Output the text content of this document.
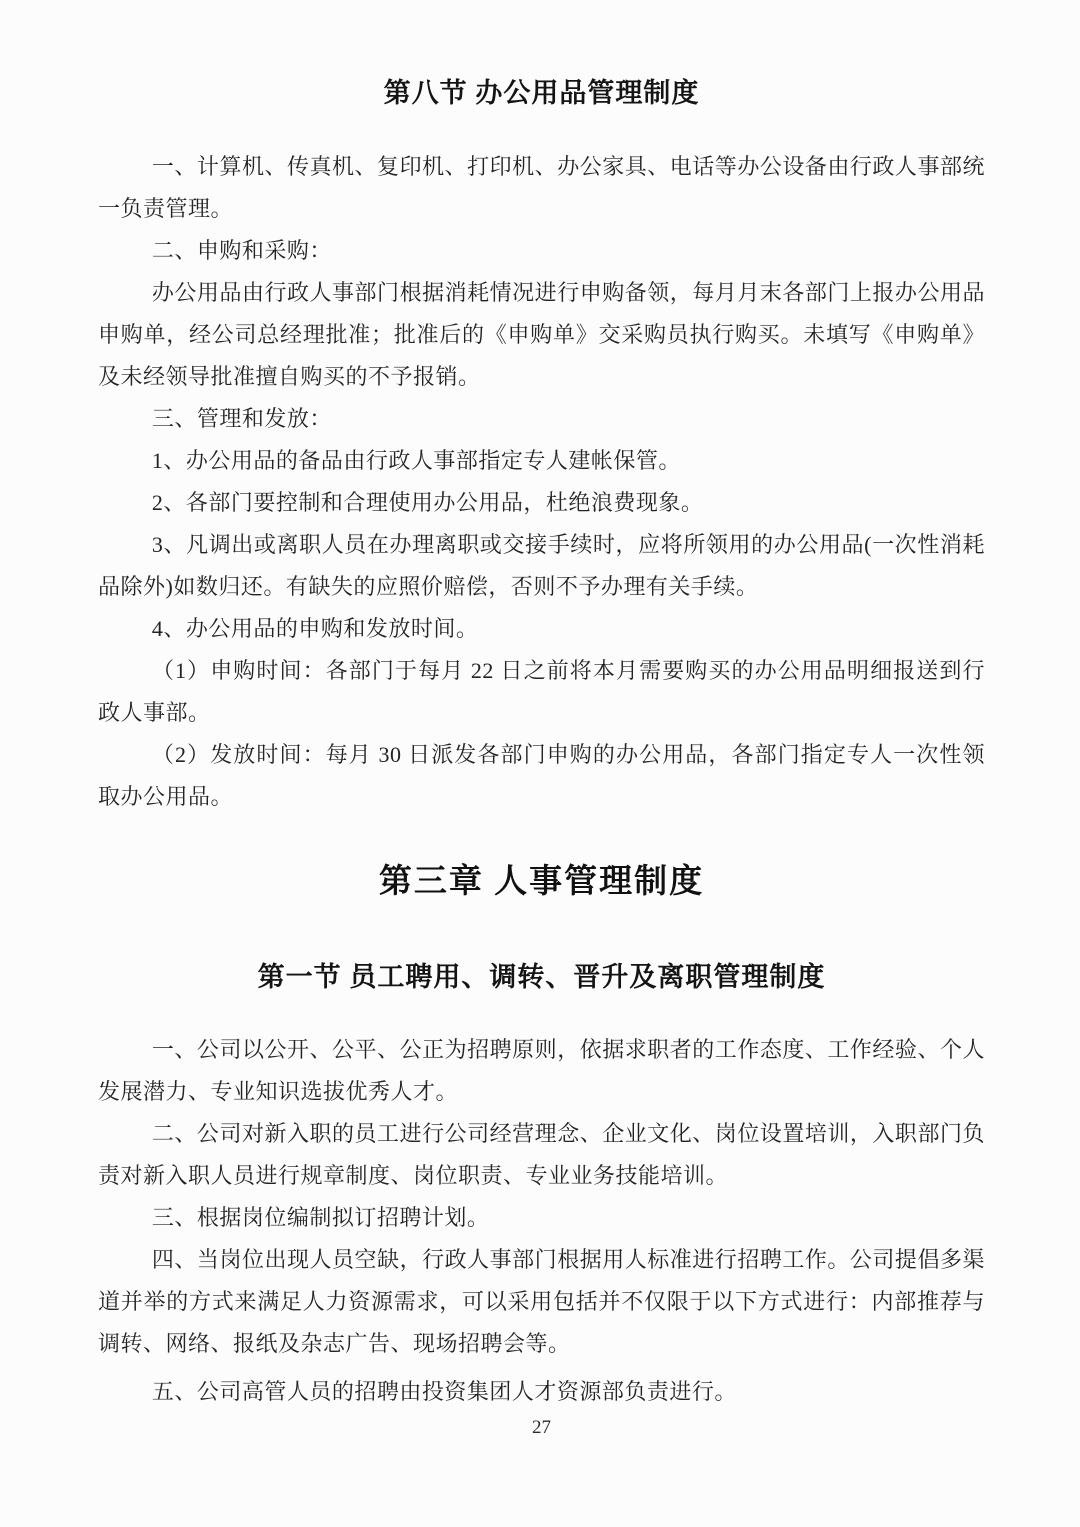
第八节 办公用品管理制度

一、计算机、传真机、复印机、打印机、办公家具、电话等办公设备由行政人事部统一负责管理。

二、申购和采购：

办公用品由行政人事部门根据消耗情况进行申购备领，每月月末各部门上报办公用品申购单，经公司总经理批准；批准后的《申购单》交采购员执行购买。未填写《申购单》及未经领导批准擅自购买的不予报销。

三、管理和发放：

1、办公用品的备品由行政人事部指定专人建帐保管。

2、各部门要控制和合理使用办公用品，杜绝浪费现象。

3、凡调出或离职人员在办理离职或交接手续时，应将所领用的办公用品(一次性消耗品除外)如数归还。有缺失的应照价赔偿，否则不予办理有关手续。

4、办公用品的申购和发放时间。

（1）申购时间：各部门于每月 22 日之前将本月需要购买的办公用品明细报送到行政人事部。

（2）发放时间：每月 30 日派发各部门申购的办公用品，各部门指定专人一次性领取办公用品。

第三章 人事管理制度
第一节 员工聘用、调转、晋升及离职管理制度

一、公司以公开、公平、公正为招聘原则，依据求职者的工作态度、工作经验、个人发展潜力、专业知识选拔优秀人才。

二、公司对新入职的员工进行公司经营理念、企业文化、岗位设置培训，入职部门负责对新入职人员进行规章制度、岗位职责、专业业务技能培训。

三、根据岗位编制拟订招聘计划。

四、当岗位出现人员空缺，行政人事部门根据用人标准进行招聘工作。公司提倡多渠道并举的方式来满足人力资源需求，可以采用包括并不仅限于以下方式进行：内部推荐与调转、网络、报纸及杂志广告、现场招聘会等。

五、公司高管人员的招聘由投资集团人才资源部负责进行。

27
